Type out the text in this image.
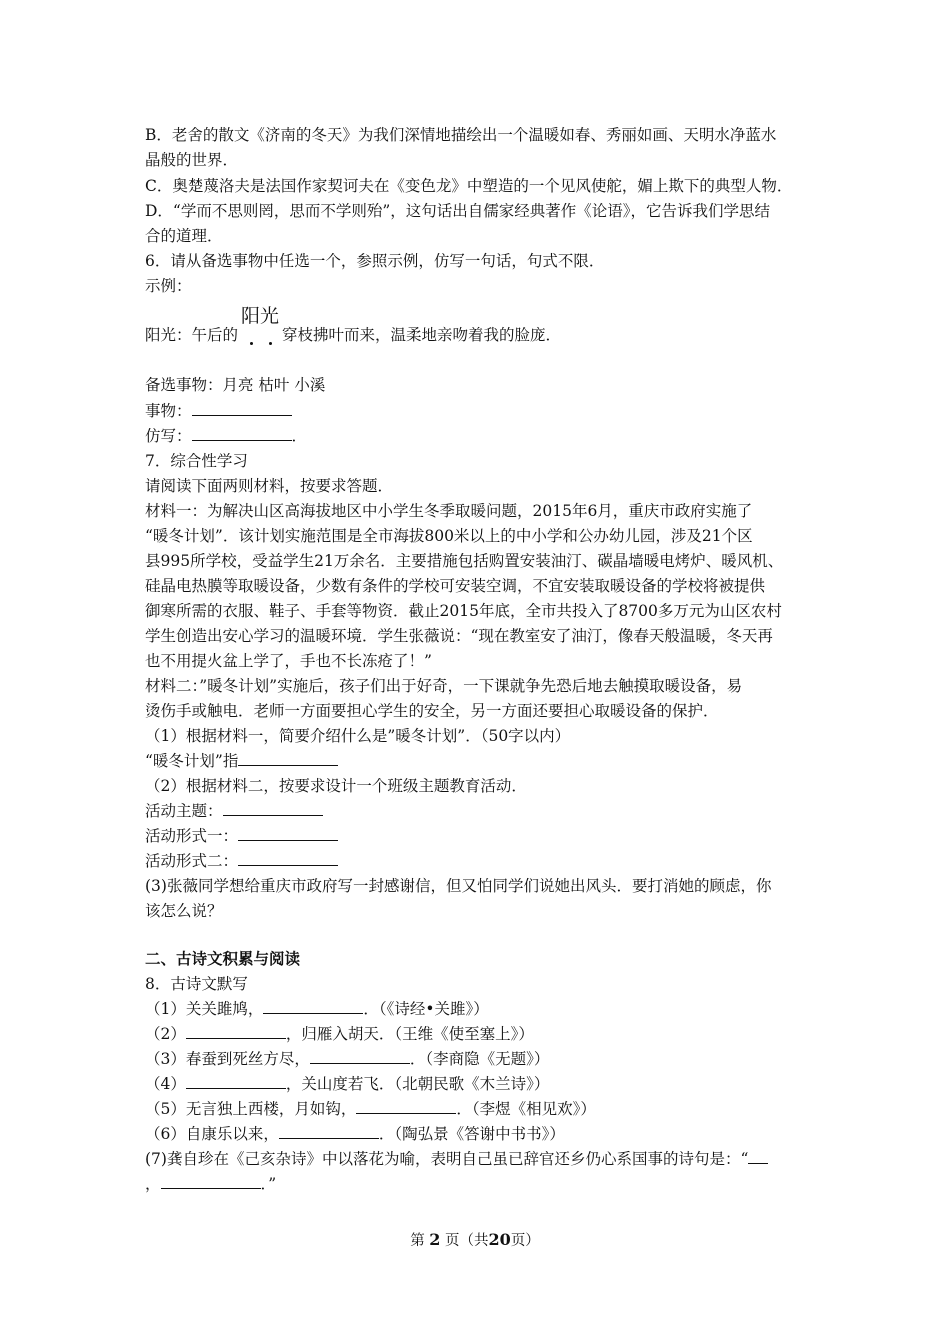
B．老舍的散文《济南的冬天》为我们深情地描绘出一个温暖如春、秀丽如画、天明水净蓝水
晶般的世界．
C．奥楚蔑洛夫是法国作家契诃夫在《变色龙》中塑造的一个见风使舵，媚上欺下的典型人物．
D．“学而不思则罔，思而不学则殆”，这句话出自儒家经典著作《论语》，它告诉我们学思结
合的道理．
6．请从备选事物中任选一个，参照示例，仿写一句话，句式不限．
示例：
阳光：午后的
阳光
穿枝拂叶而来，温柔地亲吻着我的脸庞．
备选事物：月亮 枯叶 小溪
事物：
仿写：	．
7．综合性学习
请阅读下面两则材料，按要求答题．
材料一：为解决山区高海拔地区中小学生冬季取暖问题，2015年6月，重庆市政府实施了
“暖冬计划”．该计划实施范围是全市海拔800米以上的中小学和公办幼儿园，涉及21个区
县995所学校，受益学生21万余名．主要措施包括购置安装油汀、碳晶墙暖电烤炉、暖风机、
硅晶电热膜等取暖设备，少数有条件的学校可安装空调，不宜安装取暖设备的学校将被提供
御寒所需的衣服、鞋子、手套等物资．截止2015年底，全市共投入了8700多万元为山区农村
学生创造出安心学习的温暖环境．学生张薇说：“现在教室安了油汀，像春天般温暖，冬天再
也不用提火盆上学了，手也不长冻疮了！”
材料二：”暖冬计划”实施后，孩子们出于好奇，一下课就争先恐后地去触摸取暖设备，易
烫伤手或触电．老师一方面要担心学生的安全，另一方面还要担心取暖设备的保护．
（1）根据材料一，简要介绍什么是”暖冬计划”．（50字以内）
“暖冬计划”指
（2）根据材料二，按要求设计一个班级主题教育活动．
活动主题：
活动形式一：
活动形式二：
(3)张薇同学想给重庆市政府写一封感谢信，但又怕同学们说她出风头．要打消她的顾虑，你
该怎么说？
二、古诗文积累与阅读
8．古诗文默写
（1）关关雎鸠，	．（《诗经•关雎》）
（2）	，归雁入胡天．（王维《使至塞上》）
（3）春蚕到死丝方尽，	．（李商隐《无题》）
（4）	，关山度若飞．（北朝民歌《木兰诗》）
（5）无言独上西楼，月如钩，	．（李煜《相见欢》）
（6）自康乐以来，	．（陶弘景《答谢中书书》）
(7)龚自珍在《己亥杂诗》中以落花为喻，表明自己虽已辞官还乡仍心系国事的诗句是：“
，	．”
第 2 页（共20页）
